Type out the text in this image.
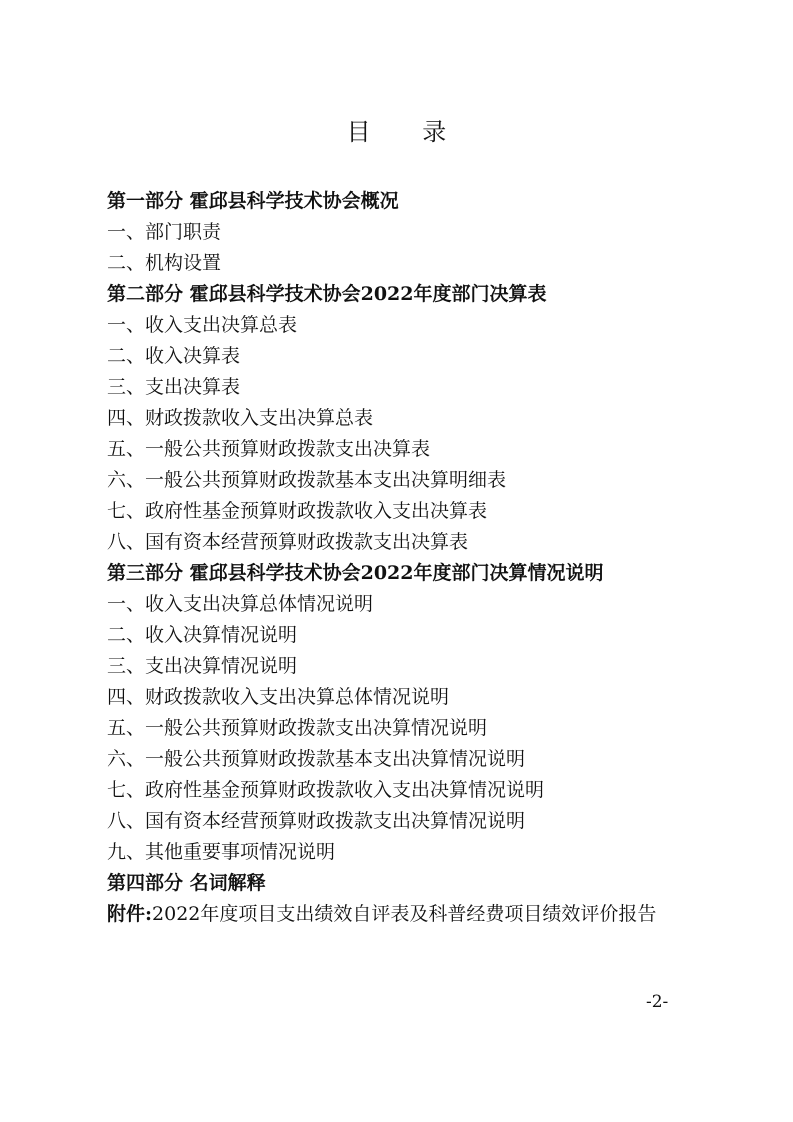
目 录
第一部分 霍邱县科学技术协会概况
一、部门职责
二、机构设置
第二部分 霍邱县科学技术协会2022年度部门决算表
一、收入支出决算总表
二、收入决算表
三、支出决算表
四、财政拨款收入支出决算总表
五、一般公共预算财政拨款支出决算表
六、一般公共预算财政拨款基本支出决算明细表
七、政府性基金预算财政拨款收入支出决算表
八、国有资本经营预算财政拨款支出决算表
第三部分 霍邱县科学技术协会2022年度部门决算情况说明
一、收入支出决算总体情况说明
二、收入决算情况说明
三、支出决算情况说明
四、财政拨款收入支出决算总体情况说明
五、一般公共预算财政拨款支出决算情况说明
六、一般公共预算财政拨款基本支出决算情况说明
七、政府性基金预算财政拨款收入支出决算情况说明
八、国有资本经营预算财政拨款支出决算情况说明
九、其他重要事项情况说明
第四部分 名词解释
附件:2022年度项目支出绩效自评表及科普经费项目绩效评价报告
-2-
